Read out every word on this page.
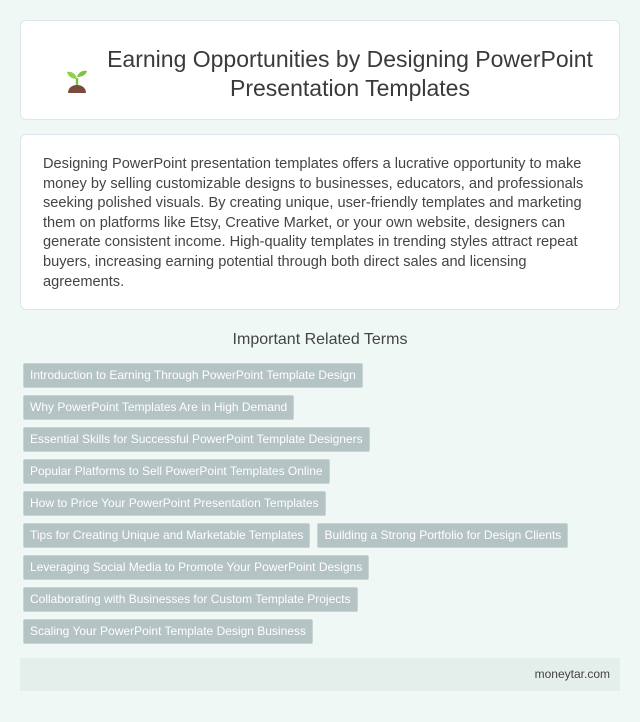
Earning Opportunities by Designing PowerPoint Presentation Templates
Designing PowerPoint presentation templates offers a lucrative opportunity to make money by selling customizable designs to businesses, educators, and professionals seeking polished visuals. By creating unique, user-friendly templates and marketing them on platforms like Etsy, Creative Market, or your own website, designers can generate consistent income. High-quality templates in trending styles attract repeat buyers, increasing earning potential through both direct sales and licensing agreements.
Important Related Terms
Introduction to Earning Through PowerPoint Template Design
Why PowerPoint Templates Are in High Demand
Essential Skills for Successful PowerPoint Template Designers
Popular Platforms to Sell PowerPoint Templates Online
How to Price Your PowerPoint Presentation Templates
Tips for Creating Unique and Marketable Templates	Building a Strong Portfolio for Design Clients
Leveraging Social Media to Promote Your PowerPoint Designs
Collaborating with Businesses for Custom Template Projects
Scaling Your PowerPoint Template Design Business
moneytar.com
